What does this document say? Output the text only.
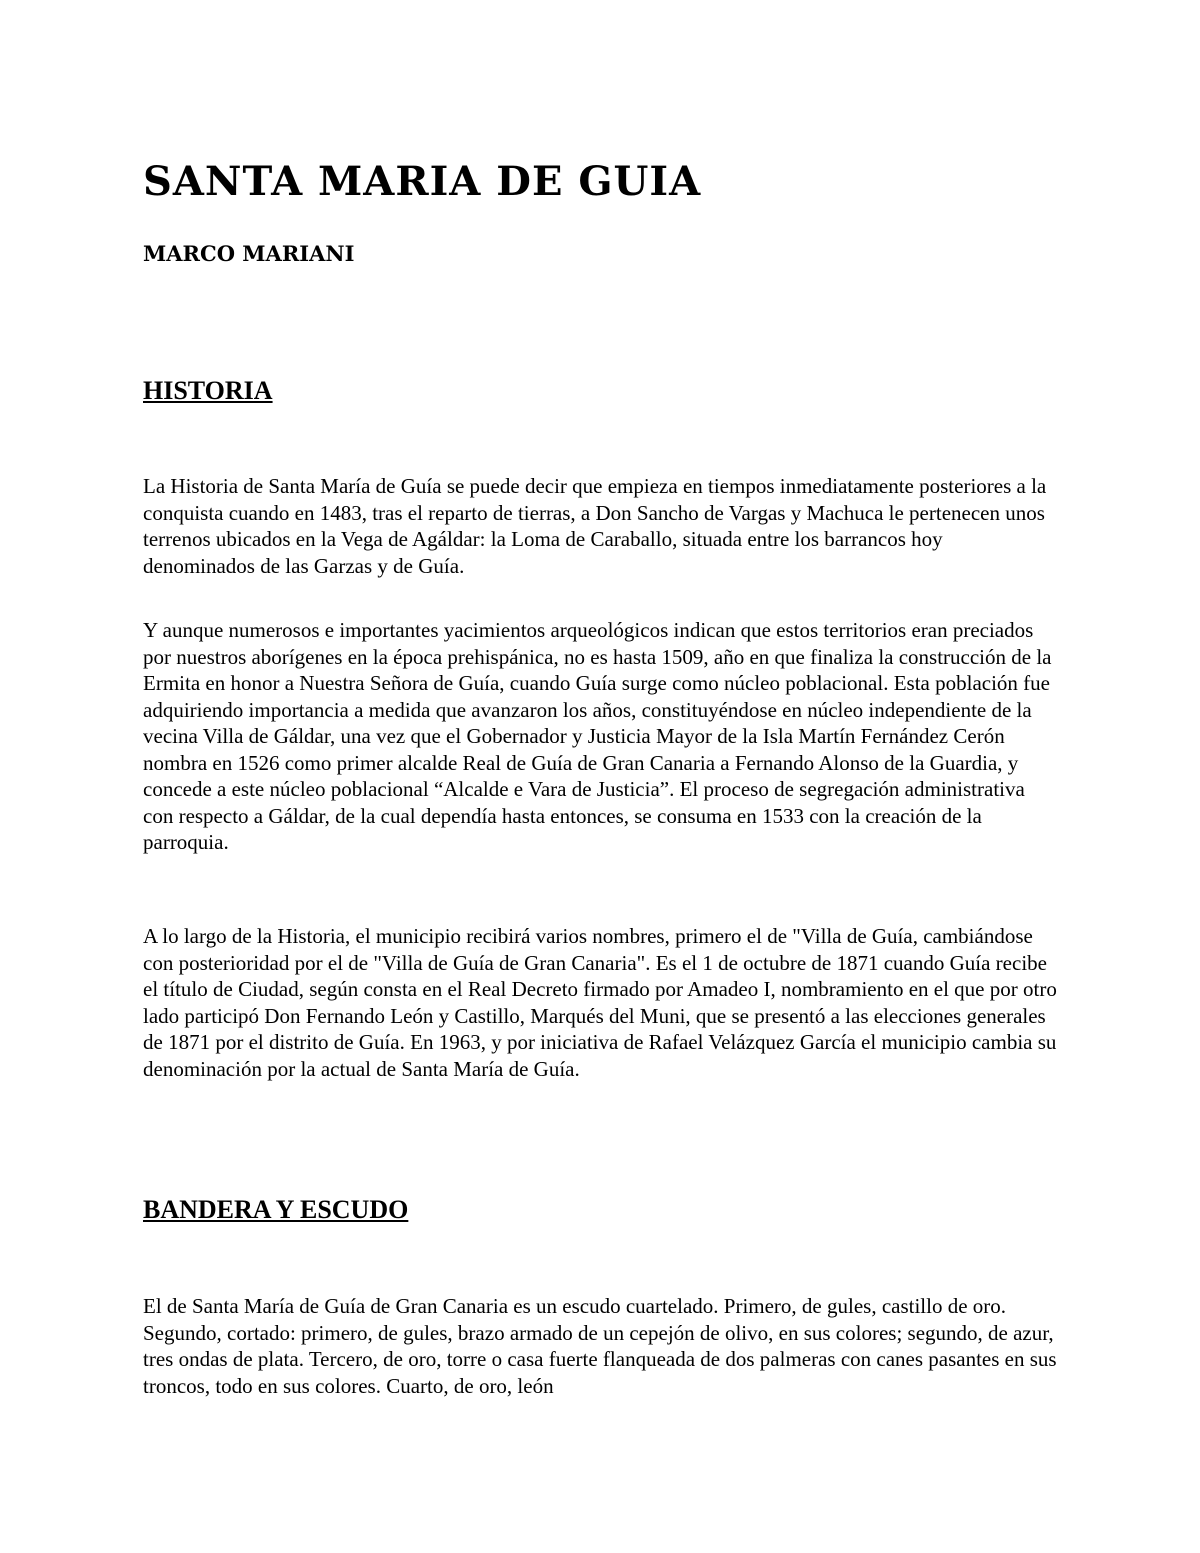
SANTA MARIA DE GUIA
MARCO MARIANI
HISTORIA

La Historia de Santa María de Guía se puede decir que empieza en tiempos inmediatamente posteriores a la conquista cuando en 1483, tras el reparto de tierras, a Don Sancho de Vargas y Machuca le pertenecen unos terrenos ubicados en la Vega de Agáldar: la Loma de Caraballo, situada entre los barrancos hoy denominados de las Garzas y de Guía.

Y aunque numerosos e importantes yacimientos arqueológicos indican que estos territorios eran preciados por nuestros aborígenes en la época prehispánica, no es hasta 1509, año en que finaliza la construcción de la Ermita en honor a Nuestra Señora de Guía, cuando Guía surge como núcleo poblacional. Esta población fue adquiriendo importancia a medida que avanzaron los años, constituyéndose en núcleo independiente de la vecina Villa de Gáldar, una vez que el Gobernador y Justicia Mayor de la Isla Martín Fernández Cerón nombra en 1526 como primer alcalde Real de Guía de Gran Canaria a Fernando Alonso de la Guardia, y concede a este núcleo poblacional “Alcalde e Vara de Justicia”. El proceso de segregación administrativa con respecto a Gáldar, de la cual dependía hasta entonces, se consuma en 1533 con la creación de la parroquia.

A lo largo de la Historia, el municipio recibirá varios nombres, primero el de "Villa de Guía, cambiándose con posterioridad por el de "Villa de Guía de Gran Canaria". Es el 1 de octubre de 1871 cuando Guía recibe el título de Ciudad, según consta en el Real Decreto firmado por Amadeo I, nombramiento en el que por otro lado participó Don Fernando León y Castillo, Marqués del Muni, que se presentó a las elecciones generales de 1871 por el distrito de Guía. En 1963, y por iniciativa de Rafael Velázquez García el municipio cambia su denominación por la actual de Santa María de Guía.

BANDERA Y ESCUDO

El de Santa María de Guía de Gran Canaria es un escudo cuartelado. Primero, de gules, castillo de oro. Segundo, cortado: primero, de gules, brazo armado de un cepejón de olivo, en sus colores; segundo, de azur, tres ondas de plata. Tercero, de oro, torre o casa fuerte flanqueada de dos palmeras con canes pasantes en sus troncos, todo en sus colores. Cuarto, de oro, león
